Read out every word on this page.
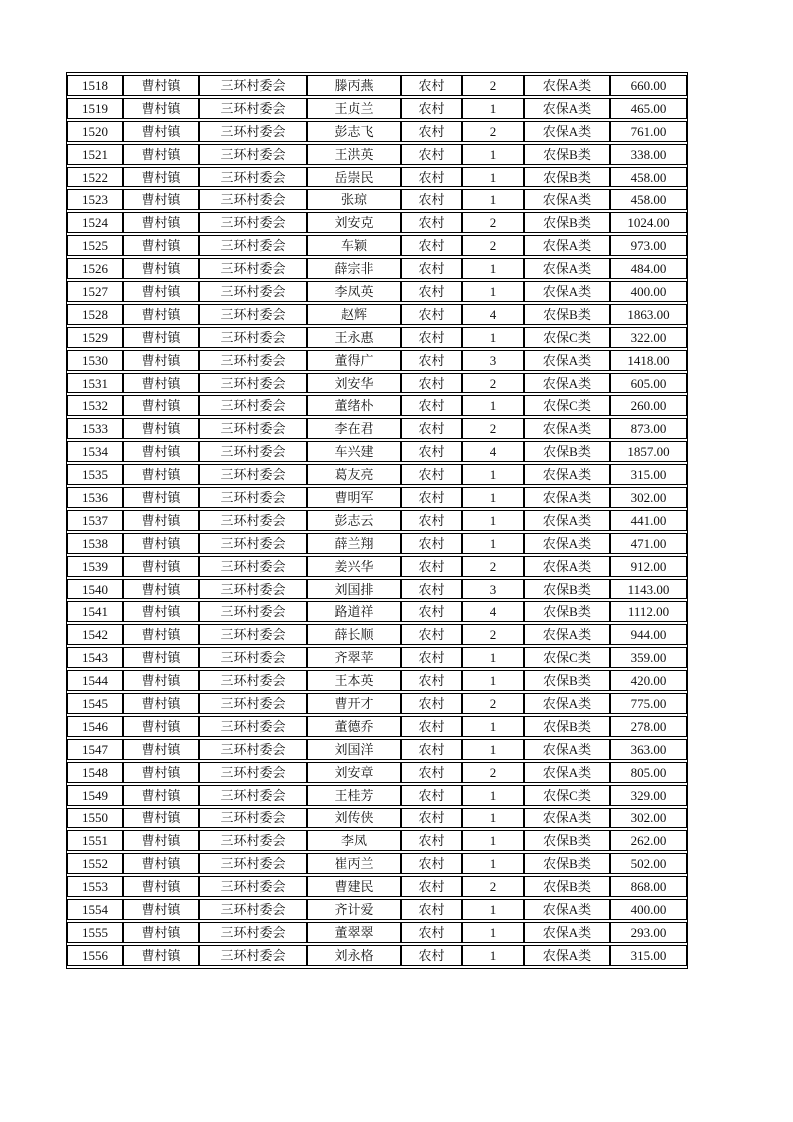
1518	曹村镇	三环村委会	滕丙燕	农村	2	农保A类	660.00
1519	曹村镇	三环村委会	王贞兰	农村	1	农保A类	465.00
1520	曹村镇	三环村委会	彭志飞	农村	2	农保A类	761.00
1521	曹村镇	三环村委会	王洪英	农村	1	农保B类	338.00
1522	曹村镇	三环村委会	岳崇民	农村	1	农保B类	458.00
1523	曹村镇	三环村委会	张琼	农村	1	农保A类	458.00
1524	曹村镇	三环村委会	刘安克	农村	2	农保B类	1024.00
1525	曹村镇	三环村委会	车颖	农村	2	农保A类	973.00
1526	曹村镇	三环村委会	薛宗非	农村	1	农保A类	484.00
1527	曹村镇	三环村委会	李凤英	农村	1	农保A类	400.00
1528	曹村镇	三环村委会	赵辉	农村	4	农保B类	1863.00
1529	曹村镇	三环村委会	王永惠	农村	1	农保C类	322.00
1530	曹村镇	三环村委会	董得广	农村	3	农保A类	1418.00
1531	曹村镇	三环村委会	刘安华	农村	2	农保A类	605.00
1532	曹村镇	三环村委会	董绪朴	农村	1	农保C类	260.00
1533	曹村镇	三环村委会	李在君	农村	2	农保A类	873.00
1534	曹村镇	三环村委会	车兴建	农村	4	农保B类	1857.00
1535	曹村镇	三环村委会	葛友亮	农村	1	农保A类	315.00
1536	曹村镇	三环村委会	曹明军	农村	1	农保A类	302.00
1537	曹村镇	三环村委会	彭志云	农村	1	农保A类	441.00
1538	曹村镇	三环村委会	薛兰翔	农村	1	农保A类	471.00
1539	曹村镇	三环村委会	姜兴华	农村	2	农保A类	912.00
1540	曹村镇	三环村委会	刘国排	农村	3	农保B类	1143.00
1541	曹村镇	三环村委会	路道祥	农村	4	农保B类	1112.00
1542	曹村镇	三环村委会	薛长顺	农村	2	农保A类	944.00
1543	曹村镇	三环村委会	齐翠苹	农村	1	农保C类	359.00
1544	曹村镇	三环村委会	王本英	农村	1	农保B类	420.00
1545	曹村镇	三环村委会	曹开才	农村	2	农保A类	775.00
1546	曹村镇	三环村委会	董德乔	农村	1	农保B类	278.00
1547	曹村镇	三环村委会	刘国洋	农村	1	农保A类	363.00
1548	曹村镇	三环村委会	刘安章	农村	2	农保A类	805.00
1549	曹村镇	三环村委会	王桂芳	农村	1	农保C类	329.00
1550	曹村镇	三环村委会	刘传侠	农村	1	农保A类	302.00
1551	曹村镇	三环村委会	李凤	农村	1	农保B类	262.00
1552	曹村镇	三环村委会	崔丙兰	农村	1	农保B类	502.00
1553	曹村镇	三环村委会	曹建民	农村	2	农保B类	868.00
1554	曹村镇	三环村委会	齐计爱	农村	1	农保A类	400.00
1555	曹村镇	三环村委会	董翠翠	农村	1	农保A类	293.00
1556	曹村镇	三环村委会	刘永格	农村	1	农保A类	315.00
